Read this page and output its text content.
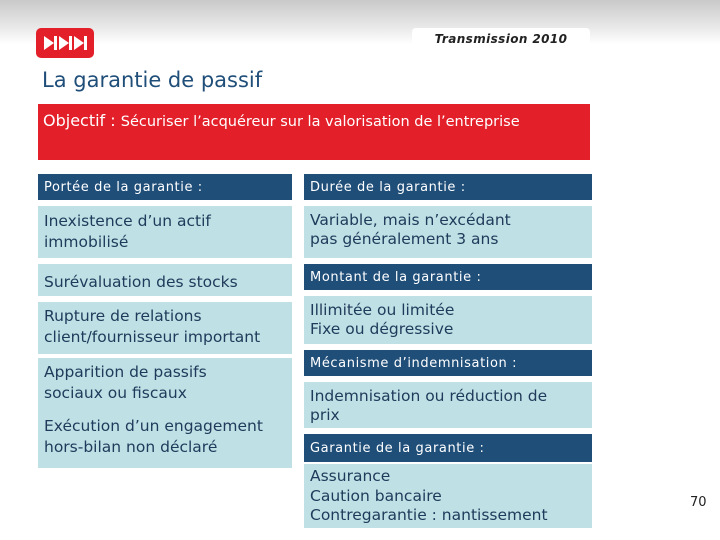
Transmission 2010
La garantie de passif
Objectif : Sécuriser l’acquéreur sur la valorisation de l’entreprise
Portée de la garantie :
Inexistence d’un actif
immobilisé
Surévaluation des stocks
Rupture de relations
client/fournisseur important
Apparition de passifs
sociaux ou fiscaux
Exécution d’un engagement
hors-bilan non déclaré
Durée de la garantie :
Variable, mais n’excédant
pas généralement 3 ans
Montant de la garantie :
Illimitée ou limitée
Fixe ou dégressive
Mécanisme d’indemnisation :
Indemnisation ou réduction de
prix
Garantie de la garantie :
Assurance
Caution bancaire
Contregarantie : nantissement
70
